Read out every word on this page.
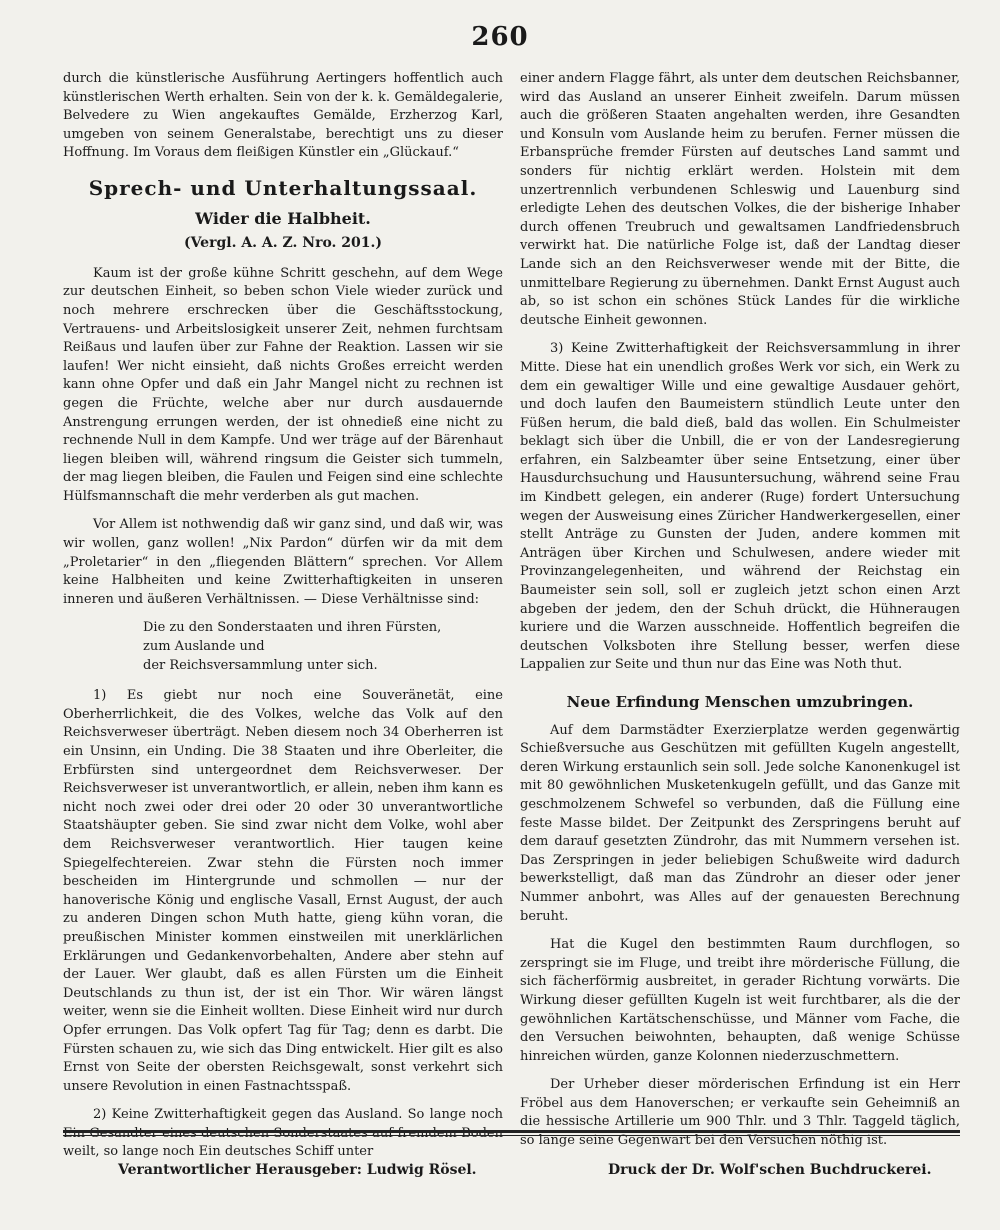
260

durch die künstlerische Ausführung Aertingers hoffentlich auch künstlerischen Werth erhalten. Sein von der k. k. Gemäldegalerie, Belvedere zu Wien angekauftes Gemälde, Erzherzog Karl, umgeben von seinem Generalstabe, berechtigt uns zu dieser Hoffnung. Im Voraus dem fleißigen Künstler ein „Glückauf.“

Sprech- und Unterhaltungssaal.
Wider die Halbheit.
(Vergl. A. A. Z. Nro. 201.)

Kaum ist der große kühne Schritt geschehn, auf dem Wege zur deutschen Einheit, so beben schon Viele wieder zurück und noch mehrere erschrecken über die Geschäftsstockung, Vertrauens- und Arbeitslosigkeit unserer Zeit, nehmen furchtsam Reißaus und laufen über zur Fahne der Reaktion. Lassen wir sie laufen! Wer nicht einsieht, daß nichts Großes erreicht werden kann ohne Opfer und daß ein Jahr Mangel nicht zu rechnen ist gegen die Früchte, welche aber nur durch ausdauernde Anstrengung errungen werden, der ist ohnedieß eine nicht zu rechnende Null in dem Kampfe. Und wer träge auf der Bärenhaut liegen bleiben will, während ringsum die Geister sich tummeln, der mag liegen bleiben, die Faulen und Feigen sind eine schlechte Hülfsmannschaft die mehr verderben als gut machen.

Vor Allem ist nothwendig daß wir ganz sind, und daß wir, was wir wollen, ganz wollen! „Nix Pardon“ dürfen wir da mit dem „Proletarier“ in den „fliegenden Blättern“ sprechen. Vor Allem keine Halbheiten und keine Zwitterhaftigkeiten in unseren inneren und äußeren Verhältnissen. — Diese Verhältnisse sind:

Die zu den Sonderstaaten und ihren Fürsten,
zum Auslande und
der Reichsversammlung unter sich.

1) Es giebt nur noch eine Souveränetät, eine Oberherrlichkeit, die des Volkes, welche das Volk auf den Reichsverweser überträgt. Neben diesem noch 34 Oberherren ist ein Unsinn, ein Unding. Die 38 Staaten und ihre Oberleiter, die Erbfürsten sind untergeordnet dem Reichsverweser. Der Reichsverweser ist unverantwortlich, er allein, neben ihm kann es nicht noch zwei oder drei oder 20 oder 30 unverantwortliche Staatshäupter geben. Sie sind zwar nicht dem Volke, wohl aber dem Reichsverweser verantwortlich. Hier taugen keine Spiegelfechtereien. Zwar stehn die Fürsten noch immer bescheiden im Hintergrunde und schmollen — nur der hanoverische König und englische Vasall, Ernst August, der auch zu anderen Dingen schon Muth hatte, gieng kühn voran, die preußischen Minister kommen einstweilen mit unerklärlichen Erklärungen und Gedankenvorbehalten, Andere aber stehn auf der Lauer. Wer glaubt, daß es allen Fürsten um die Einheit Deutschlands zu thun ist, der ist ein Thor. Wir wären längst weiter, wenn sie die Einheit wollten. Diese Einheit wird nur durch Opfer errungen. Das Volk opfert Tag für Tag; denn es darbt. Die Fürsten schauen zu, wie sich das Ding entwickelt. Hier gilt es also Ernst von Seite der obersten Reichsgewalt, sonst verkehrt sich unsere Revolution in einen Fastnachtsspaß.

2) Keine Zwitterhaftigkeit gegen das Ausland. So lange noch Ein Gesandter eines deutschen Sonderstaates auf fremdem Boden weilt, so lange noch Ein deutsches Schiff unter

einer andern Flagge fährt, als unter dem deutschen Reichsbanner, wird das Ausland an unserer Einheit zweifeln. Darum müssen auch die größeren Staaten angehalten werden, ihre Gesandten und Konsuln vom Auslande heim zu berufen. Ferner müssen die Erbansprüche fremder Fürsten auf deutsches Land sammt und sonders für nichtig erklärt werden. Holstein mit dem unzertrennlich verbundenen Schleswig und Lauenburg sind erledigte Lehen des deutschen Volkes, die der bisherige Inhaber durch offenen Treubruch und gewaltsamen Landfriedensbruch verwirkt hat. Die natürliche Folge ist, daß der Landtag dieser Lande sich an den Reichsverweser wende mit der Bitte, die unmittelbare Regierung zu übernehmen. Dankt Ernst August auch ab, so ist schon ein schönes Stück Landes für die wirkliche deutsche Einheit gewonnen.

3) Keine Zwitterhaftigkeit der Reichsversammlung in ihrer Mitte. Diese hat ein unendlich großes Werk vor sich, ein Werk zu dem ein gewaltiger Wille und eine gewaltige Ausdauer gehört, und doch laufen den Baumeistern stündlich Leute unter den Füßen herum, die bald dieß, bald das wollen. Ein Schulmeister beklagt sich über die Unbill, die er von der Landesregierung erfahren, ein Salzbeamter über seine Entsetzung, einer über Hausdurchsuchung und Hausuntersuchung, während seine Frau im Kindbett gelegen, ein anderer (Ruge) fordert Untersuchung wegen der Ausweisung eines Züricher Handwerkergesellen, einer stellt Anträge zu Gunsten der Juden, andere kommen mit Anträgen über Kirchen und Schulwesen, andere wieder mit Provinzangelegenheiten, und während der Reichstag ein Baumeister sein soll, soll er zugleich jetzt schon einen Arzt abgeben der jedem, den der Schuh drückt, die Hühneraugen kuriere und die Warzen ausschneide. Hoffentlich begreifen die deutschen Volksboten ihre Stellung besser, werfen diese Lappalien zur Seite und thun nur das Eine was Noth thut.

Neue Erfindung Menschen umzubringen.

Auf dem Darmstädter Exerzierplatze werden gegenwärtig Schießversuche aus Geschützen mit gefüllten Kugeln angestellt, deren Wirkung erstaunlich sein soll. Jede solche Kanonenkugel ist mit 80 gewöhnlichen Musketenkugeln gefüllt, und das Ganze mit geschmolzenem Schwefel so verbunden, daß die Füllung eine feste Masse bildet. Der Zeitpunkt des Zerspringens beruht auf dem darauf gesetzten Zündrohr, das mit Nummern versehen ist. Das Zerspringen in jeder beliebigen Schußweite wird dadurch bewerkstelligt, daß man das Zündrohr an dieser oder jener Nummer anbohrt, was Alles auf der genauesten Berechnung beruht.

Hat die Kugel den bestimmten Raum durchflogen, so zerspringt sie im Fluge, und treibt ihre mörderische Füllung, die sich fächerförmig ausbreitet, in gerader Richtung vorwärts. Die Wirkung dieser gefüllten Kugeln ist weit furchtbarer, als die der gewöhnlichen Kartätschenschüsse, und Männer vom Fache, die den Versuchen beiwohnten, behaupten, daß wenige Schüsse hinreichen würden, ganze Kolonnen niederzuschmettern.

Der Urheber dieser mörderischen Erfindung ist ein Herr Fröbel aus dem Hanoverschen; er verkaufte sein Geheimniß an die hessische Artillerie um 900 Thlr. und 3 Thlr. Taggeld täglich, so lange seine Gegenwart bei den Versuchen nöthig ist.

Verantwortlicher Herausgeber: Ludwig Rösel.	Druck der Dr. Wolf'schen Buchdruckerei.
